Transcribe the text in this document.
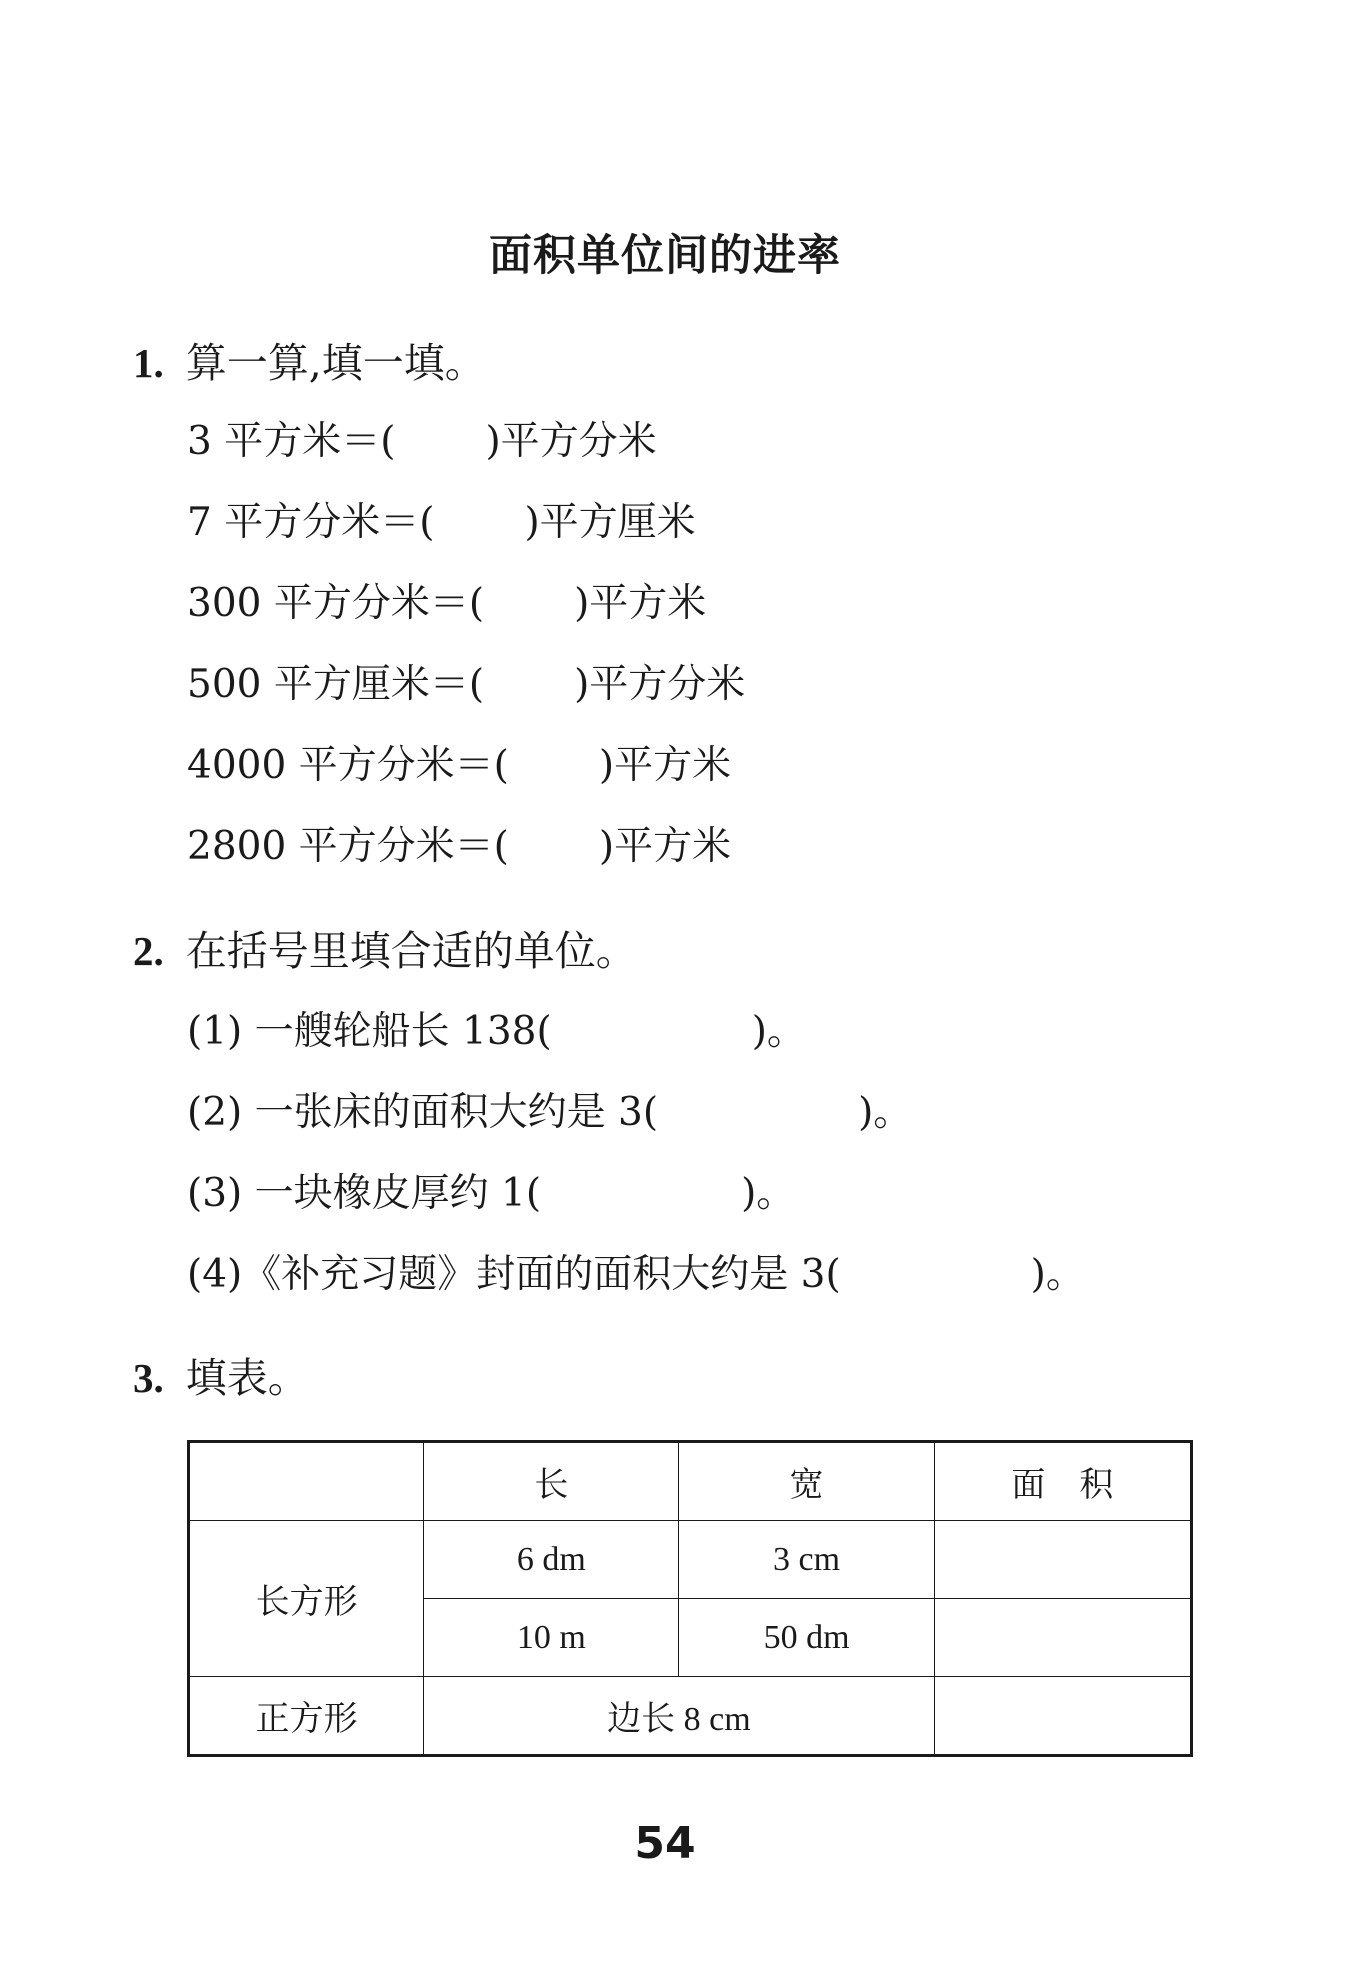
面积单位间的进率
1. 算一算,填一填。
3 平方米＝( )平方分米
7 平方分米＝( )平方厘米
300 平方分米＝( )平方米
500 平方厘米＝( )平方分米
4000 平方分米＝( )平方米
2800 平方分米＝( )平方米
2. 在括号里填合适的单位。
(1) 一艘轮船长 138(	)。
(2) 一张床的面积大约是 3(	)。
(3) 一块橡皮厚约 1(	)。
(4)《补充习题》封面的面积大约是 3(	)。
3. 填表。
	长	宽	面　积
长方形	6 dm	3 cm	
	10 m	50 dm	
正方形	边长 8 cm		
54
